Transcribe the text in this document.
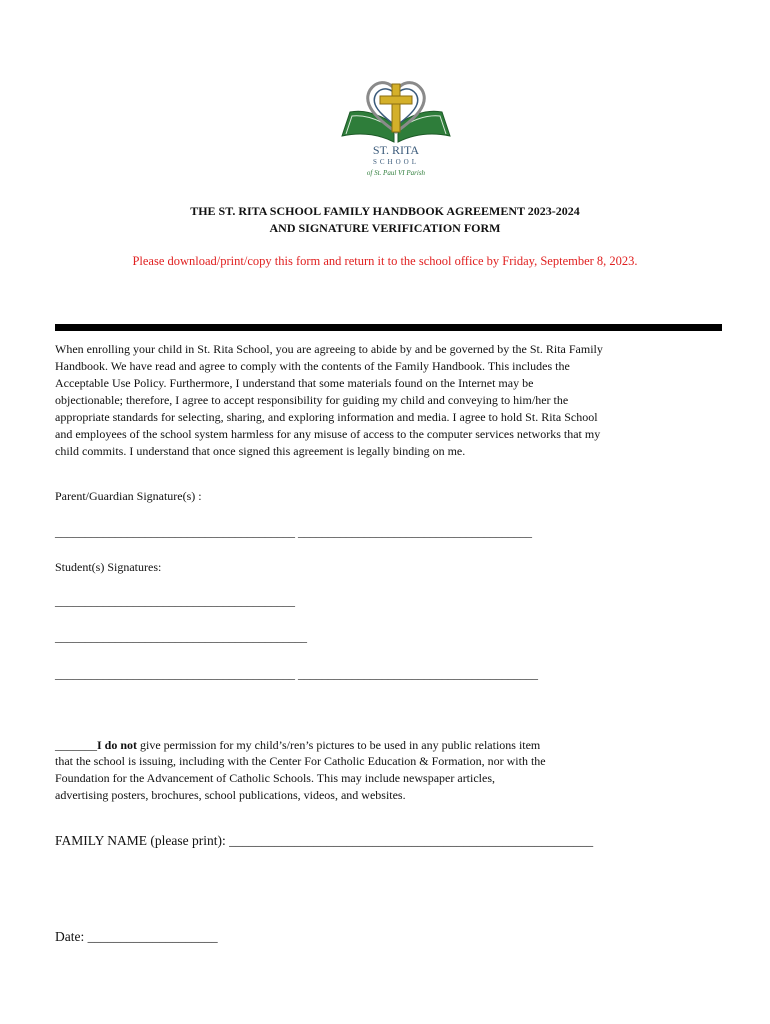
ST. RITA
SCHOOL
of St. Paul VI Parish
THE ST. RITA SCHOOL FAMILY HANDBOOK AGREEMENT 2023-2024
AND SIGNATURE VERIFICATION FORM
Please download/print/copy this form and return it to the school office by Friday, September 8, 2023.
When enrolling your child in St. Rita School, you are agreeing to abide by and be governed by the St. Rita Family
Handbook. We have read and agree to comply with the contents of the Family Handbook. This includes the
Acceptable Use Policy. Furthermore, I understand that some materials found on the Internet may be
objectionable; therefore, I agree to accept responsibility for guiding my child and conveying to him/her the
appropriate standards for selecting, sharing, and exploring information and media. I agree to hold St. Rita School
and employees of the school system harmless for any misuse of access to the computer services networks that my
child commits. I understand that once signed this agreement is legally binding on me.
Parent/Guardian Signature(s) :
________________________________________ _______________________________________
Student(s) Signatures:
________________________________________
__________________________________________
________________________________________ ________________________________________
_______I do not give permission for my child’s/ren’s pictures to be used in any public relations item
that the school is issuing, including with the Center For Catholic Education & Formation, nor with the
Foundation for the Advancement of Catholic Schools. This may include newspaper articles,
advertising posters, brochures, school publications, videos, and websites.
FAMILY NAME (please print): ________________________________________________________
Date: ____________________
